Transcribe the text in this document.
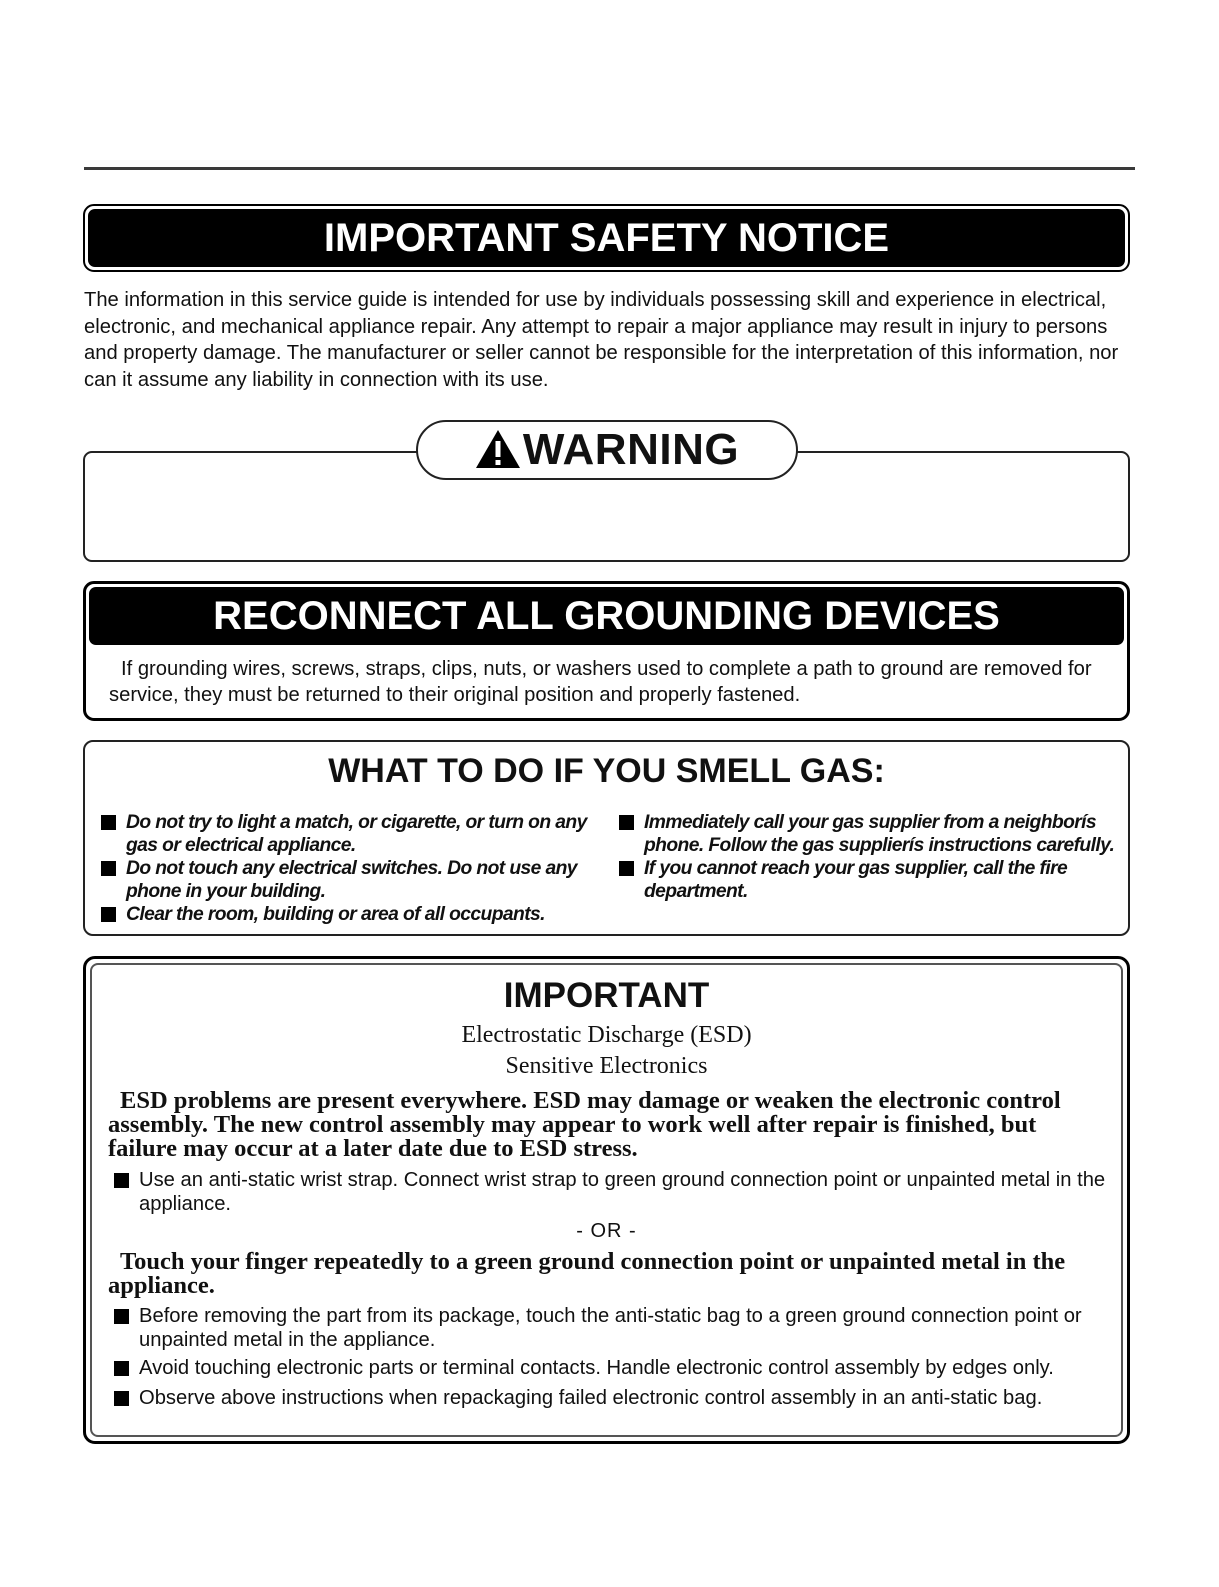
IMPORTANT SAFETY NOTICE

The information in this service guide is intended for use by individuals possessing skill and experience in electrical, electronic, and mechanical appliance repair. Any attempt to repair a major appliance may result in injury to persons and property damage. The manufacturer or seller cannot be responsible for the interpretation of this information, nor can it assume any liability in connection with its use.

WARNING
RECONNECT ALL GROUNDING DEVICES

If grounding wires, screws, straps, clips, nuts, or washers used to complete a path to ground are removed for service, they must be returned to their original position and properly fastened.

WHAT TO DO IF YOU SMELL GAS:
Do not try to light a match, or cigarette, or turn on any gas or electrical appliance.
Do not touch any electrical switches. Do not use any phone in your building.
Clear the room, building or area of all occupants.
Immediately call your gas supplier from a neighborís phone. Follow the gas supplierís instructions carefully.
If you cannot reach your gas supplier, call the fire department.
IMPORTANT

Electrostatic Discharge (ESD)

Sensitive Electronics

ESD problems are present everywhere. ESD may damage or weaken the electronic control assembly. The new control assembly may appear to work well after repair is finished, but failure may occur at a later date due to ESD stress.

Use an anti-static wrist strap. Connect wrist strap to green ground connection point or unpainted metal in the appliance.

- OR -

Touch your finger repeatedly to a green ground connection point or unpainted metal in the appliance.

Before removing the part from its package, touch the anti-static bag to a green ground connection point or unpainted metal in the appliance.

Avoid touching electronic parts or terminal contacts. Handle electronic control assembly by edges only.

Observe above instructions when repackaging failed electronic control assembly in an anti-static bag.
